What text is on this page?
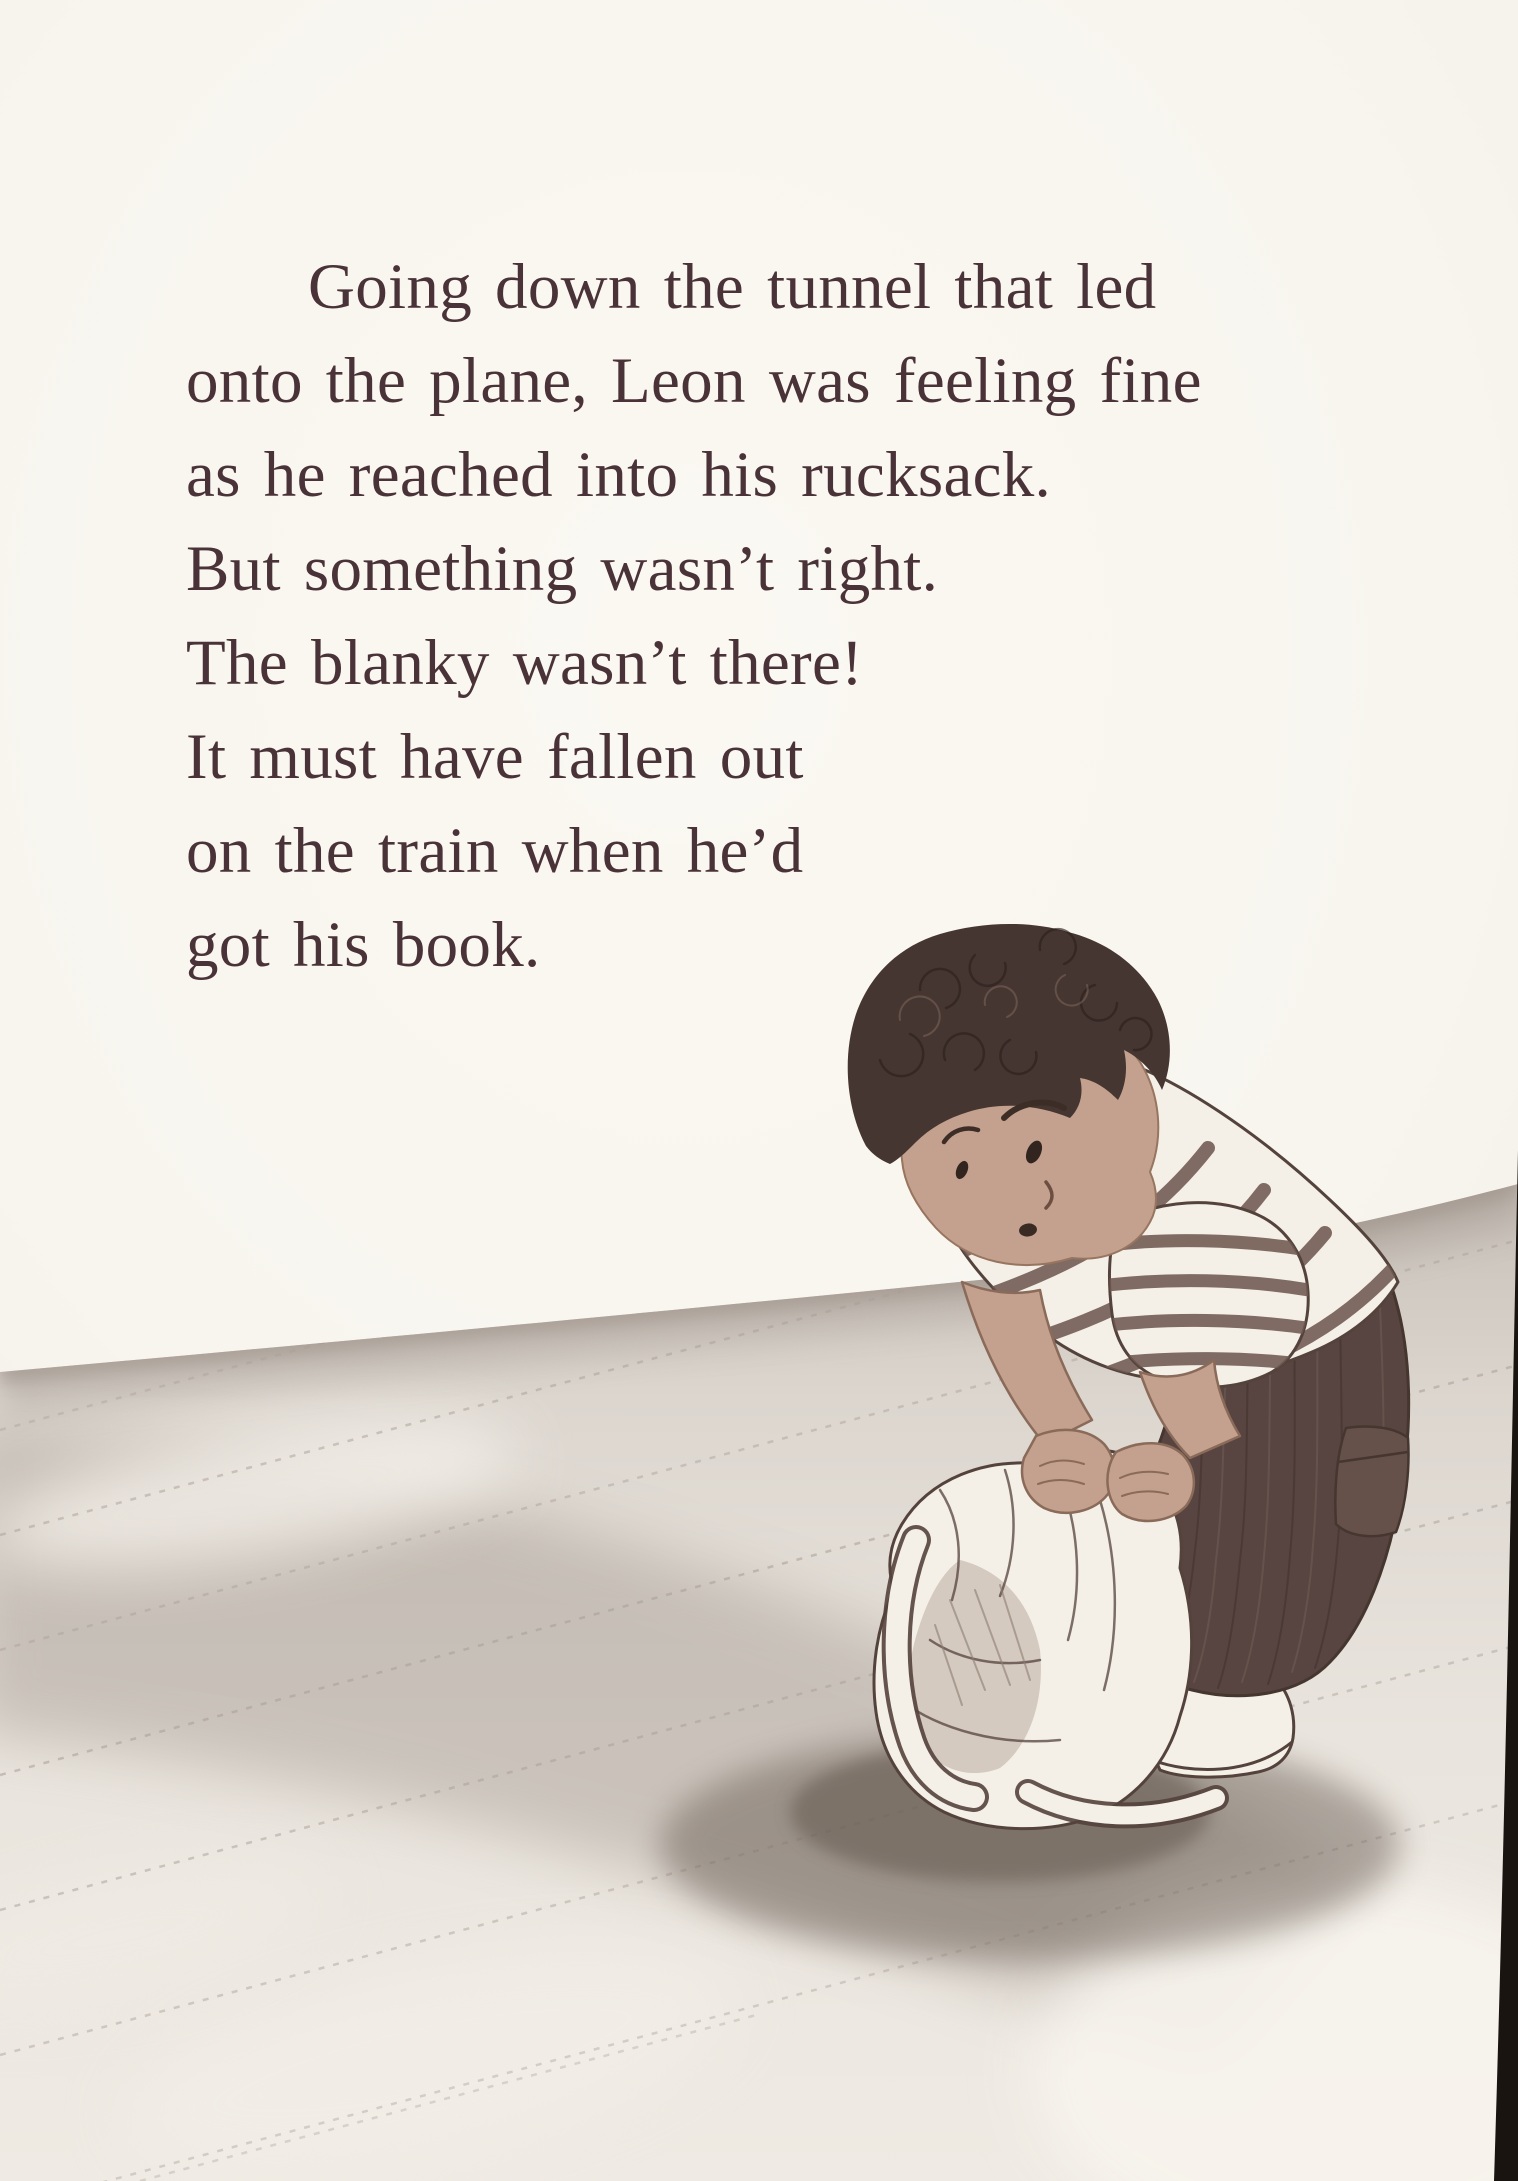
Going down the tunnel that led

onto the plane, Leon was feeling fine

as he reached into his rucksack.

But something wasn’t right.

The blanky wasn’t there!

It must have fallen out

on the train when he’d

got his book.
